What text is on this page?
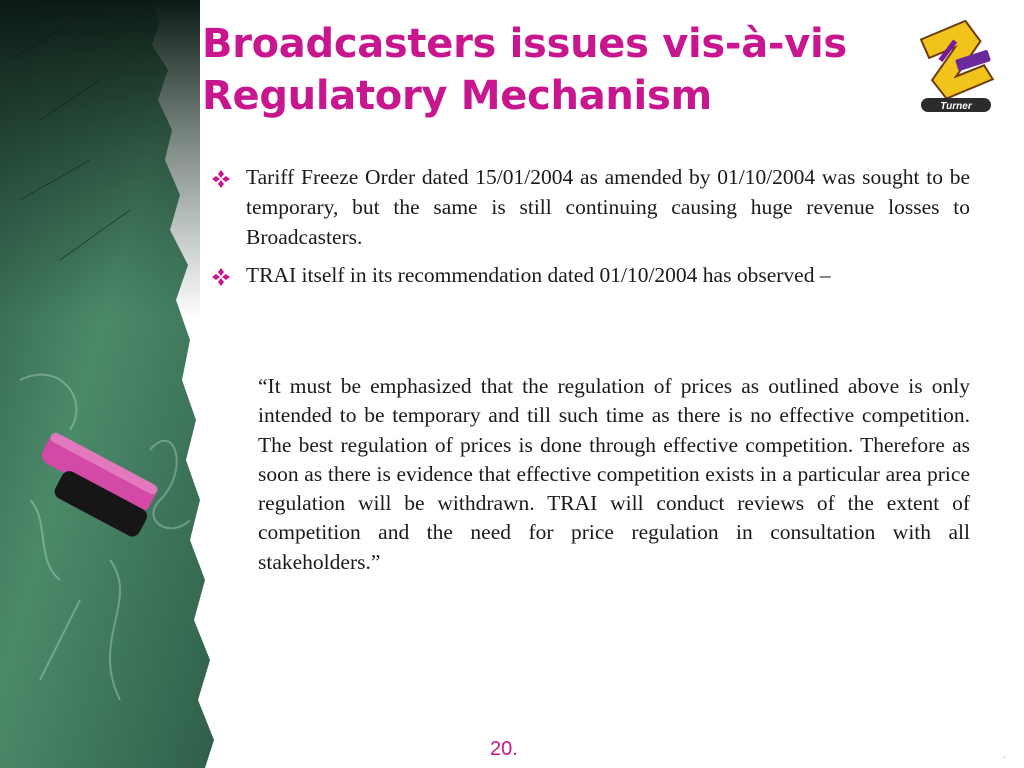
Broadcasters issues vis-à-vis
Regulatory Mechanism	Turner
Tariff Freeze Order dated 15/01/2004 as amended by 01/10/2004 was sought to be temporary, but the same is still continuing causing huge revenue losses to Broadcasters.
TRAI itself in its recommendation dated 01/10/2004 has observed –

“It must be emphasized that the regulation of prices as outlined above is only intended to be temporary and till such time as there is no effective competition. The best regulation of prices is done through effective competition. Therefore as soon as there is evidence that effective competition exists in a particular area price regulation will be withdrawn. TRAI will conduct reviews of the extent of competition and the need for price regulation in consultation with all stakeholders.”

20.	.
